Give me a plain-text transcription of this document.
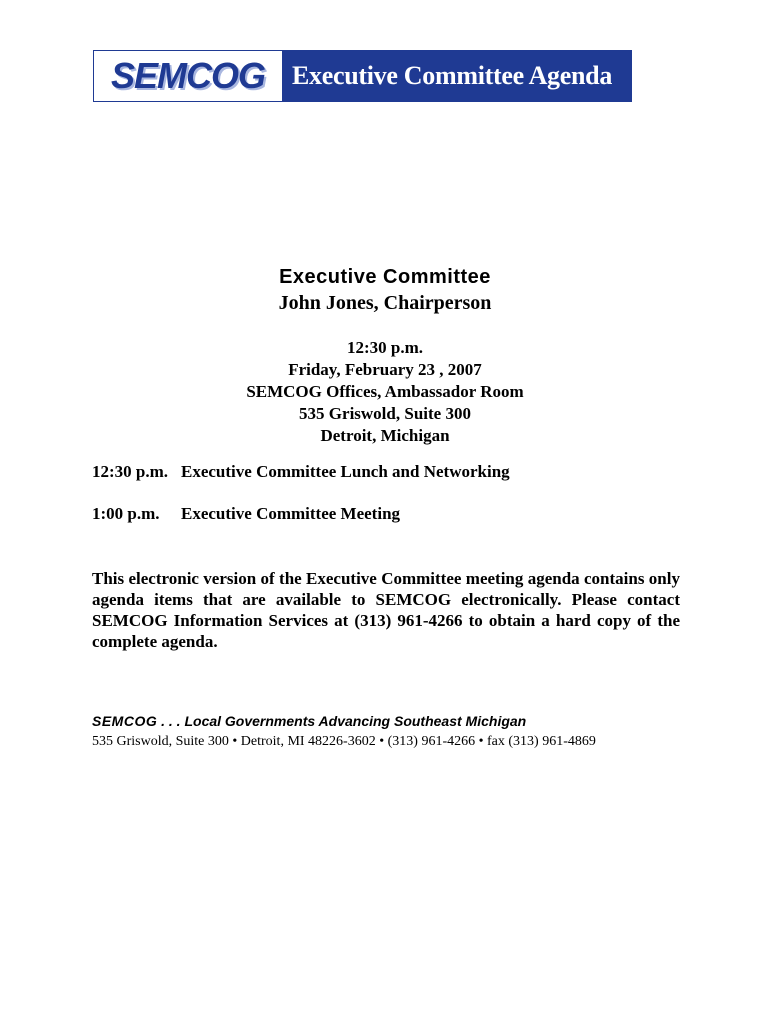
SEMCOG Executive Committee Agenda
Executive Committee
John Jones, Chairperson
12:30 p.m.
Friday, February 23 , 2007
SEMCOG Offices, Ambassador Room
535 Griswold, Suite 300
Detroit, Michigan
12:30 p.m. Executive Committee Lunch and Networking
1:00 p.m.	Executive Committee Meeting
This electronic version of the Executive Committee meeting agenda contains only agenda items that are available to SEMCOG electronically. Please contact SEMCOG Information Services at (313) 961-4266 to obtain a hard copy of the complete agenda.
SEMCOG . . . Local Governments Advancing Southeast Michigan
535 Griswold, Suite 300 • Detroit, MI 48226-3602 • (313) 961-4266 • fax (313) 961-4869
